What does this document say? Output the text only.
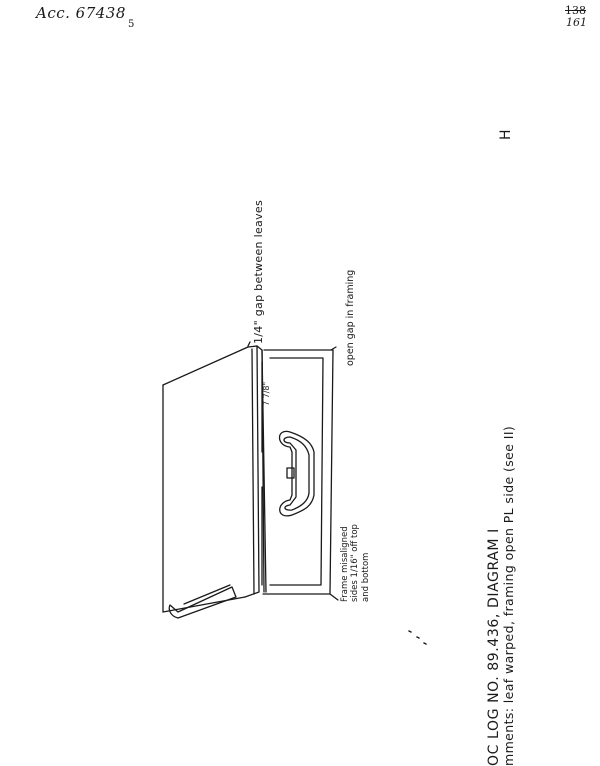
Acc. 67438
5
138
161
H
1/4" gap between leaves	open gap in framing
7 7/8"
Frame misaligned sides 1/16" off top and bottom	OC LOG NO. 89.436, DIAGRAM I mments: leaf warped, framing open PL side (see II)
